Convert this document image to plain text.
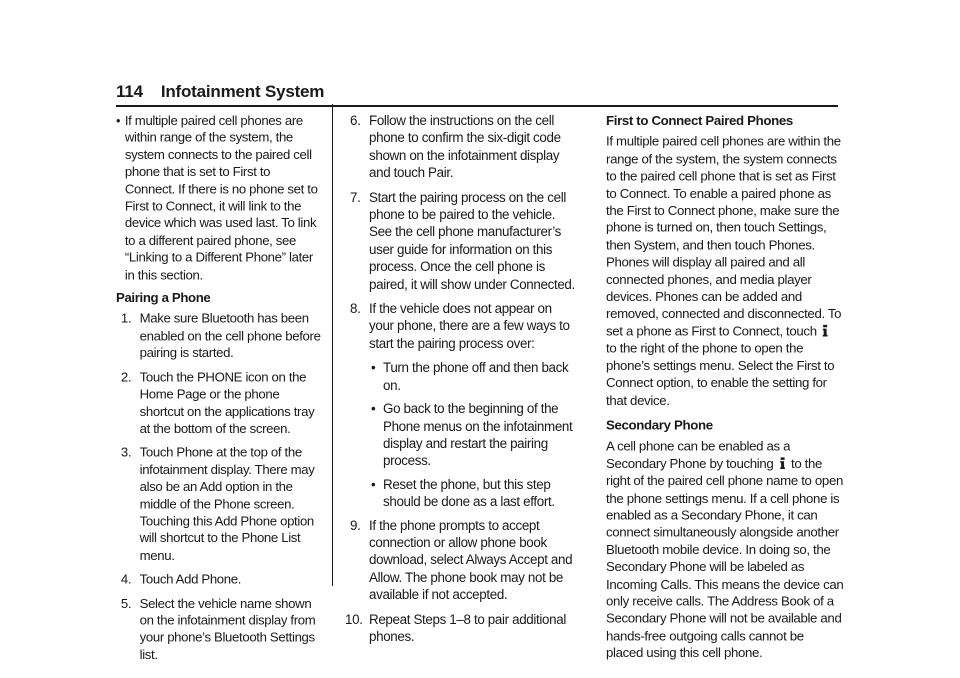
114 Infotainment System
• If multiple paired cell phones are within range of the system, the system connects to the paired cell phone that is set to First to Connect. If there is no phone set to First to Connect, it will link to the device which was used last. To link to a different paired phone, see “Linking to a Different Phone” later in this section.
Pairing a Phone
1. Make sure Bluetooth has been enabled on the cell phone before pairing is started.
2. Touch the PHONE icon on the Home Page or the phone shortcut on the applications tray at the bottom of the screen.
3. Touch Phone at the top of the infotainment display. There may also be an Add option in the middle of the Phone screen. Touching this Add Phone option will shortcut to the Phone List menu.
4. Touch Add Phone.
5. Select the vehicle name shown on the infotainment display from your phone’s Bluetooth Settings list.
6. Follow the instructions on the cell phone to confirm the six-digit code shown on the infotainment display and touch Pair.
7. Start the pairing process on the cell phone to be paired to the vehicle. See the cell phone manufacturer’s user guide for information on this process. Once the cell phone is paired, it will show under Connected.
8. If the vehicle does not appear on your phone, there are a few ways to start the pairing process over:
• Turn the phone off and then back on.
• Go back to the beginning of the Phone menus on the infotainment display and restart the pairing process.
• Reset the phone, but this step should be done as a last effort.
9. If the phone prompts to accept connection or allow phone book download, select Always Accept and Allow. The phone book may not be available if not accepted.
10. Repeat Steps 1–8 to pair additional phones.
First to Connect Paired Phones
If multiple paired cell phones are within the range of the system, the system connects to the paired cell phone that is set as First to Connect. To enable a paired phone as the First to Connect phone, make sure the phone is turned on, then touch Settings, then System, and then touch Phones. Phones will display all paired and all connected phones, and media player devices. Phones can be added and removed, connected and disconnected. To set a phone as First to Connect, touch  to the right of the phone to open the phone’s settings menu. Select the First to Connect option, to enable the setting for that device.
Secondary Phone
A cell phone can be enabled as a Secondary Phone by touching to the right of the paired cell phone name to open the phone settings menu. If a cell phone is enabled as a Secondary Phone, it can connect simultaneously alongside another Bluetooth mobile device. In doing so, the Secondary Phone will be labeled as Incoming Calls. This means the device can only receive calls. The Address Book of a Secondary Phone will not be available and hands-free outgoing calls cannot be placed using this cell phone.
